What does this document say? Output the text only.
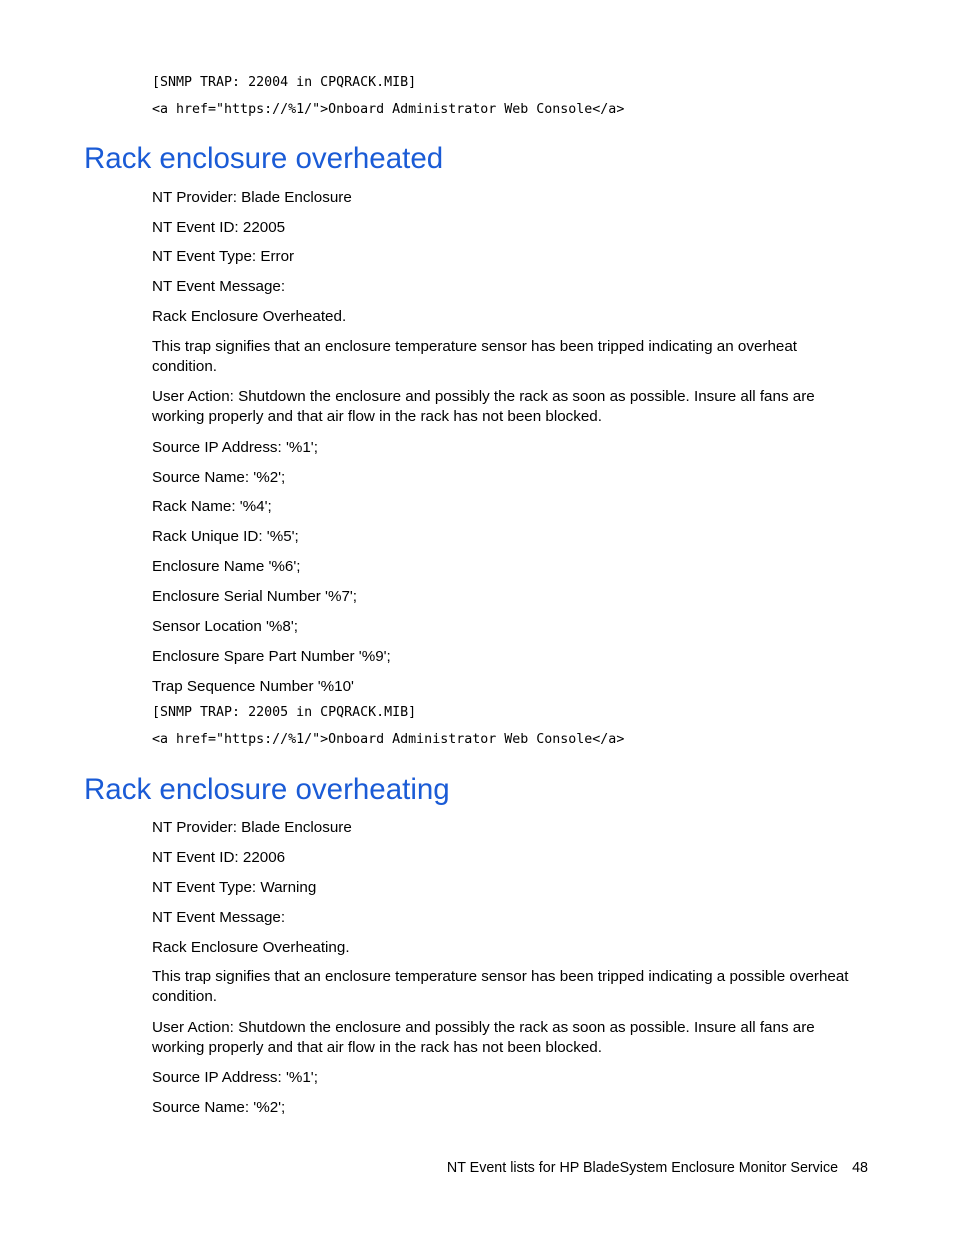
[SNMP TRAP: 22004 in CPQRACK.MIB]
<a href="https://%1/">Onboard Administrator Web Console</a>
Rack enclosure overheated

NT Provider: Blade Enclosure

NT Event ID: 22005

NT Event Type: Error

NT Event Message:

Rack Enclosure Overheated.

This trap signifies that an enclosure temperature sensor has been tripped indicating an overheat condition.

User Action: Shutdown the enclosure and possibly the rack as soon as possible. Insure all fans are working properly and that air flow in the rack has not been blocked.

Source IP Address: '%1';

Source Name: '%2';

Rack Name: '%4';

Rack Unique ID: '%5';

Enclosure Name '%6';

Enclosure Serial Number '%7';

Sensor Location '%8';

Enclosure Spare Part Number '%9';

Trap Sequence Number '%10'

[SNMP TRAP: 22005 in CPQRACK.MIB]
<a href="https://%1/">Onboard Administrator Web Console</a>
Rack enclosure overheating

NT Provider: Blade Enclosure

NT Event ID: 22006

NT Event Type: Warning

NT Event Message:

Rack Enclosure Overheating.

This trap signifies that an enclosure temperature sensor has been tripped indicating a possible overheat condition.

User Action: Shutdown the enclosure and possibly the rack as soon as possible. Insure all fans are working properly and that air flow in the rack has not been blocked.

Source IP Address: '%1';

Source Name: '%2';

NT Event lists for HP BladeSystem Enclosure Monitor Service 48
